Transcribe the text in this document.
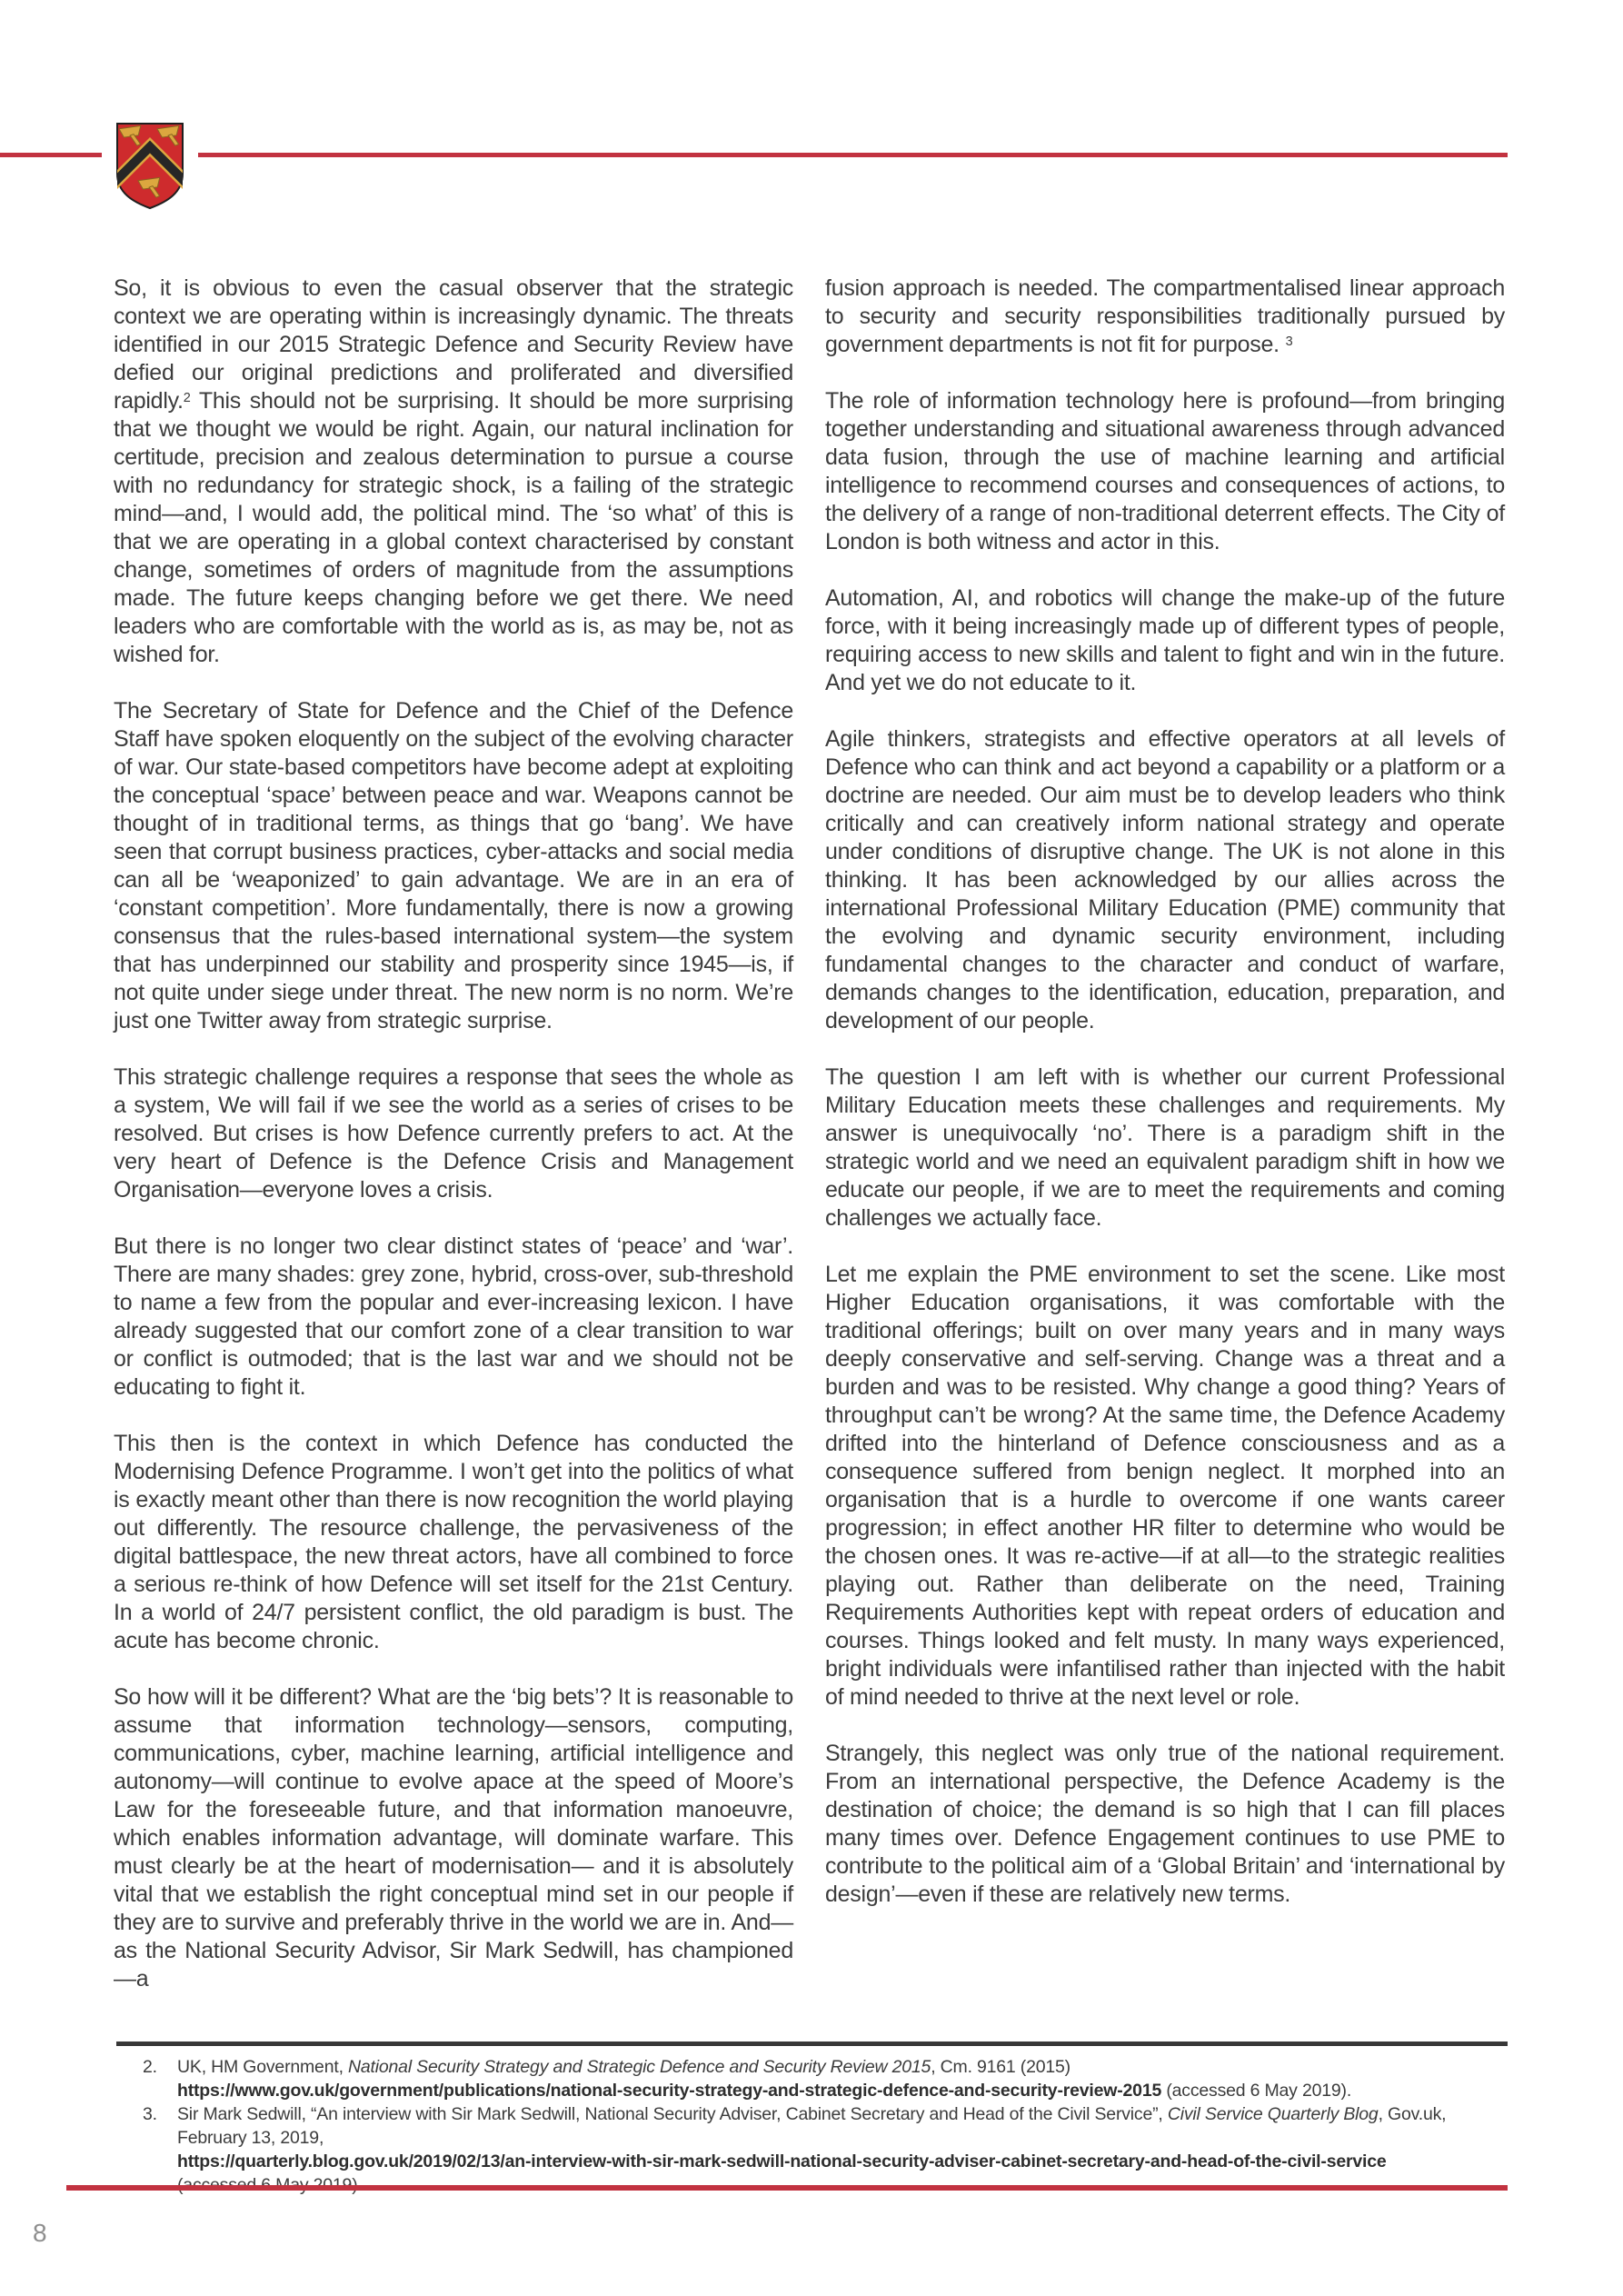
So, it is obvious to even the casual observer that the strategic context we are operating within is increasingly dynamic. The threats identified in our 2015 Strategic Defence and Security Review have defied our original predictions and proliferated and diversified rapidly.$^2$ This should not be surprising. It should be more surprising that we thought we would be right. Again, our natural inclination for certitude, precision and zealous determination to pursue a course with no redundancy for strategic shock, is a failing of the strategic mind—and, I would add, the political mind. The ‘so what’ of this is that we are operating in a global context characterised by constant change, sometimes of orders of magnitude from the assumptions made. The future keeps changing before we get there. We need leaders who are comfortable with the world as is, as may be, not as wished for.

The Secretary of State for Defence and the Chief of the Defence Staff have spoken eloquently on the subject of the evolving character of war. Our state-based competitors have become adept at exploiting the conceptual ‘space’ between peace and war. Weapons cannot be thought of in traditional terms, as things that go ‘bang’. We have seen that corrupt business practices, cyber-attacks and social media can all be ‘weaponized’ to gain advantage. We are in an era of ‘constant competition’. More fundamentally, there is now a growing consensus that the rules-based international system—the system that has underpinned our stability and prosperity since 1945—is, if not quite under siege under threat. The new norm is no norm. We’re just one Twitter away from strategic surprise.

This strategic challenge requires a response that sees the whole as a system, We will fail if we see the world as a series of crises to be resolved. But crises is how Defence currently prefers to act. At the very heart of Defence is the Defence Crisis and Management Organisation—everyone loves a crisis.

But there is no longer two clear distinct states of ‘peace’ and ‘war’. There are many shades: grey zone, hybrid, cross-over, sub-threshold to name a few from the popular and ever-increasing lexicon. I have already suggested that our comfort zone of a clear transition to war or conflict is outmoded; that is the last war and we should not be educating to fight it.

This then is the context in which Defence has conducted the Modernising Defence Programme. I won’t get into the politics of what is exactly meant other than there is now recognition the world playing out differently. The resource challenge, the pervasiveness of the digital battlespace, the new threat actors, have all combined to force a serious re-think of how Defence will set itself for the 21st Century. In a world of 24/7 persistent conflict, the old paradigm is bust. The acute has become chronic.

So how will it be different? What are the ‘big bets’? It is reasonable to assume that information technology—sensors, computing, communications, cyber, machine learning, artificial intelligence and autonomy—will continue to evolve apace at the speed of Moore’s Law for the foreseeable future, and that information manoeuvre, which enables information advantage, will dominate warfare. This must clearly be at the heart of modernisation— and it is absolutely vital that we establish the right conceptual mind set in our people if they are to survive and preferably thrive in the world we are in. And—as the National Security Advisor, Sir Mark Sedwill, has championed—a

fusion approach is needed. The compartmentalised linear approach to security and security responsibilities traditionally pursued by government departments is not fit for purpose. $^3$

The role of information technology here is profound—from bringing together understanding and situational awareness through advanced data fusion, through the use of machine learning and artificial intelligence to recommend courses and consequences of actions, to the delivery of a range of non-traditional deterrent effects. The City of London is both witness and actor in this.

Automation, AI, and robotics will change the make-up of the future force, with it being increasingly made up of different types of people, requiring access to new skills and talent to fight and win in the future. And yet we do not educate to it.

Agile thinkers, strategists and effective operators at all levels of Defence who can think and act beyond a capability or a platform or a doctrine are needed. Our aim must be to develop leaders who think critically and can creatively inform national strategy and operate under conditions of disruptive change. The UK is not alone in this thinking. It has been acknowledged by our allies across the international Professional Military Education (PME) community that the evolving and dynamic security environment, including fundamental changes to the character and conduct of warfare, demands changes to the identification, education, preparation, and development of our people.

The question I am left with is whether our current Professional Military Education meets these challenges and requirements. My answer is unequivocally ‘no’. There is a paradigm shift in the strategic world and we need an equivalent paradigm shift in how we educate our people, if we are to meet the requirements and coming challenges we actually face.

Let me explain the PME environment to set the scene. Like most Higher Education organisations, it was comfortable with the traditional offerings; built on over many years and in many ways deeply conservative and self-serving. Change was a threat and a burden and was to be resisted. Why change a good thing? Years of throughput can’t be wrong? At the same time, the Defence Academy drifted into the hinterland of Defence consciousness and as a consequence suffered from benign neglect. It morphed into an organisation that is a hurdle to overcome if one wants career progression; in effect another HR filter to determine who would be the chosen ones. It was re-active—if at all—to the strategic realities playing out. Rather than deliberate on the need, Training Requirements Authorities kept with repeat orders of education and courses. Things looked and felt musty. In many ways experienced, bright individuals were infantilised rather than injected with the habit of mind needed to thrive at the next level or role.

Strangely, this neglect was only true of the national requirement. From an international perspective, the Defence Academy is the destination of choice; the demand is so high that I can fill places many times over. Defence Engagement continues to use PME to contribute to the political aim of a ‘Global Britain’ and ‘international by design’—even if these are relatively new terms.

2.	UK, HM Government, National Security Strategy and Strategic Defence and Security Review 2015, Cm. 9161 (2015)
https://www.gov.uk/government/publications/national-security-strategy-and-strategic-defence-and-security-review-2015 (accessed 6 May 2019).
3.	Sir Mark Sedwill, “An interview with Sir Mark Sedwill, National Security Adviser, Cabinet Secretary and Head of the Civil Service”, Civil Service Quarterly Blog, Gov.uk, February 13, 2019,
https://quarterly.blog.gov.uk/2019/02/13/an-interview-with-sir-mark-sedwill-national-security-adviser-cabinet-secretary-and-head-of-the-civil-service

8
